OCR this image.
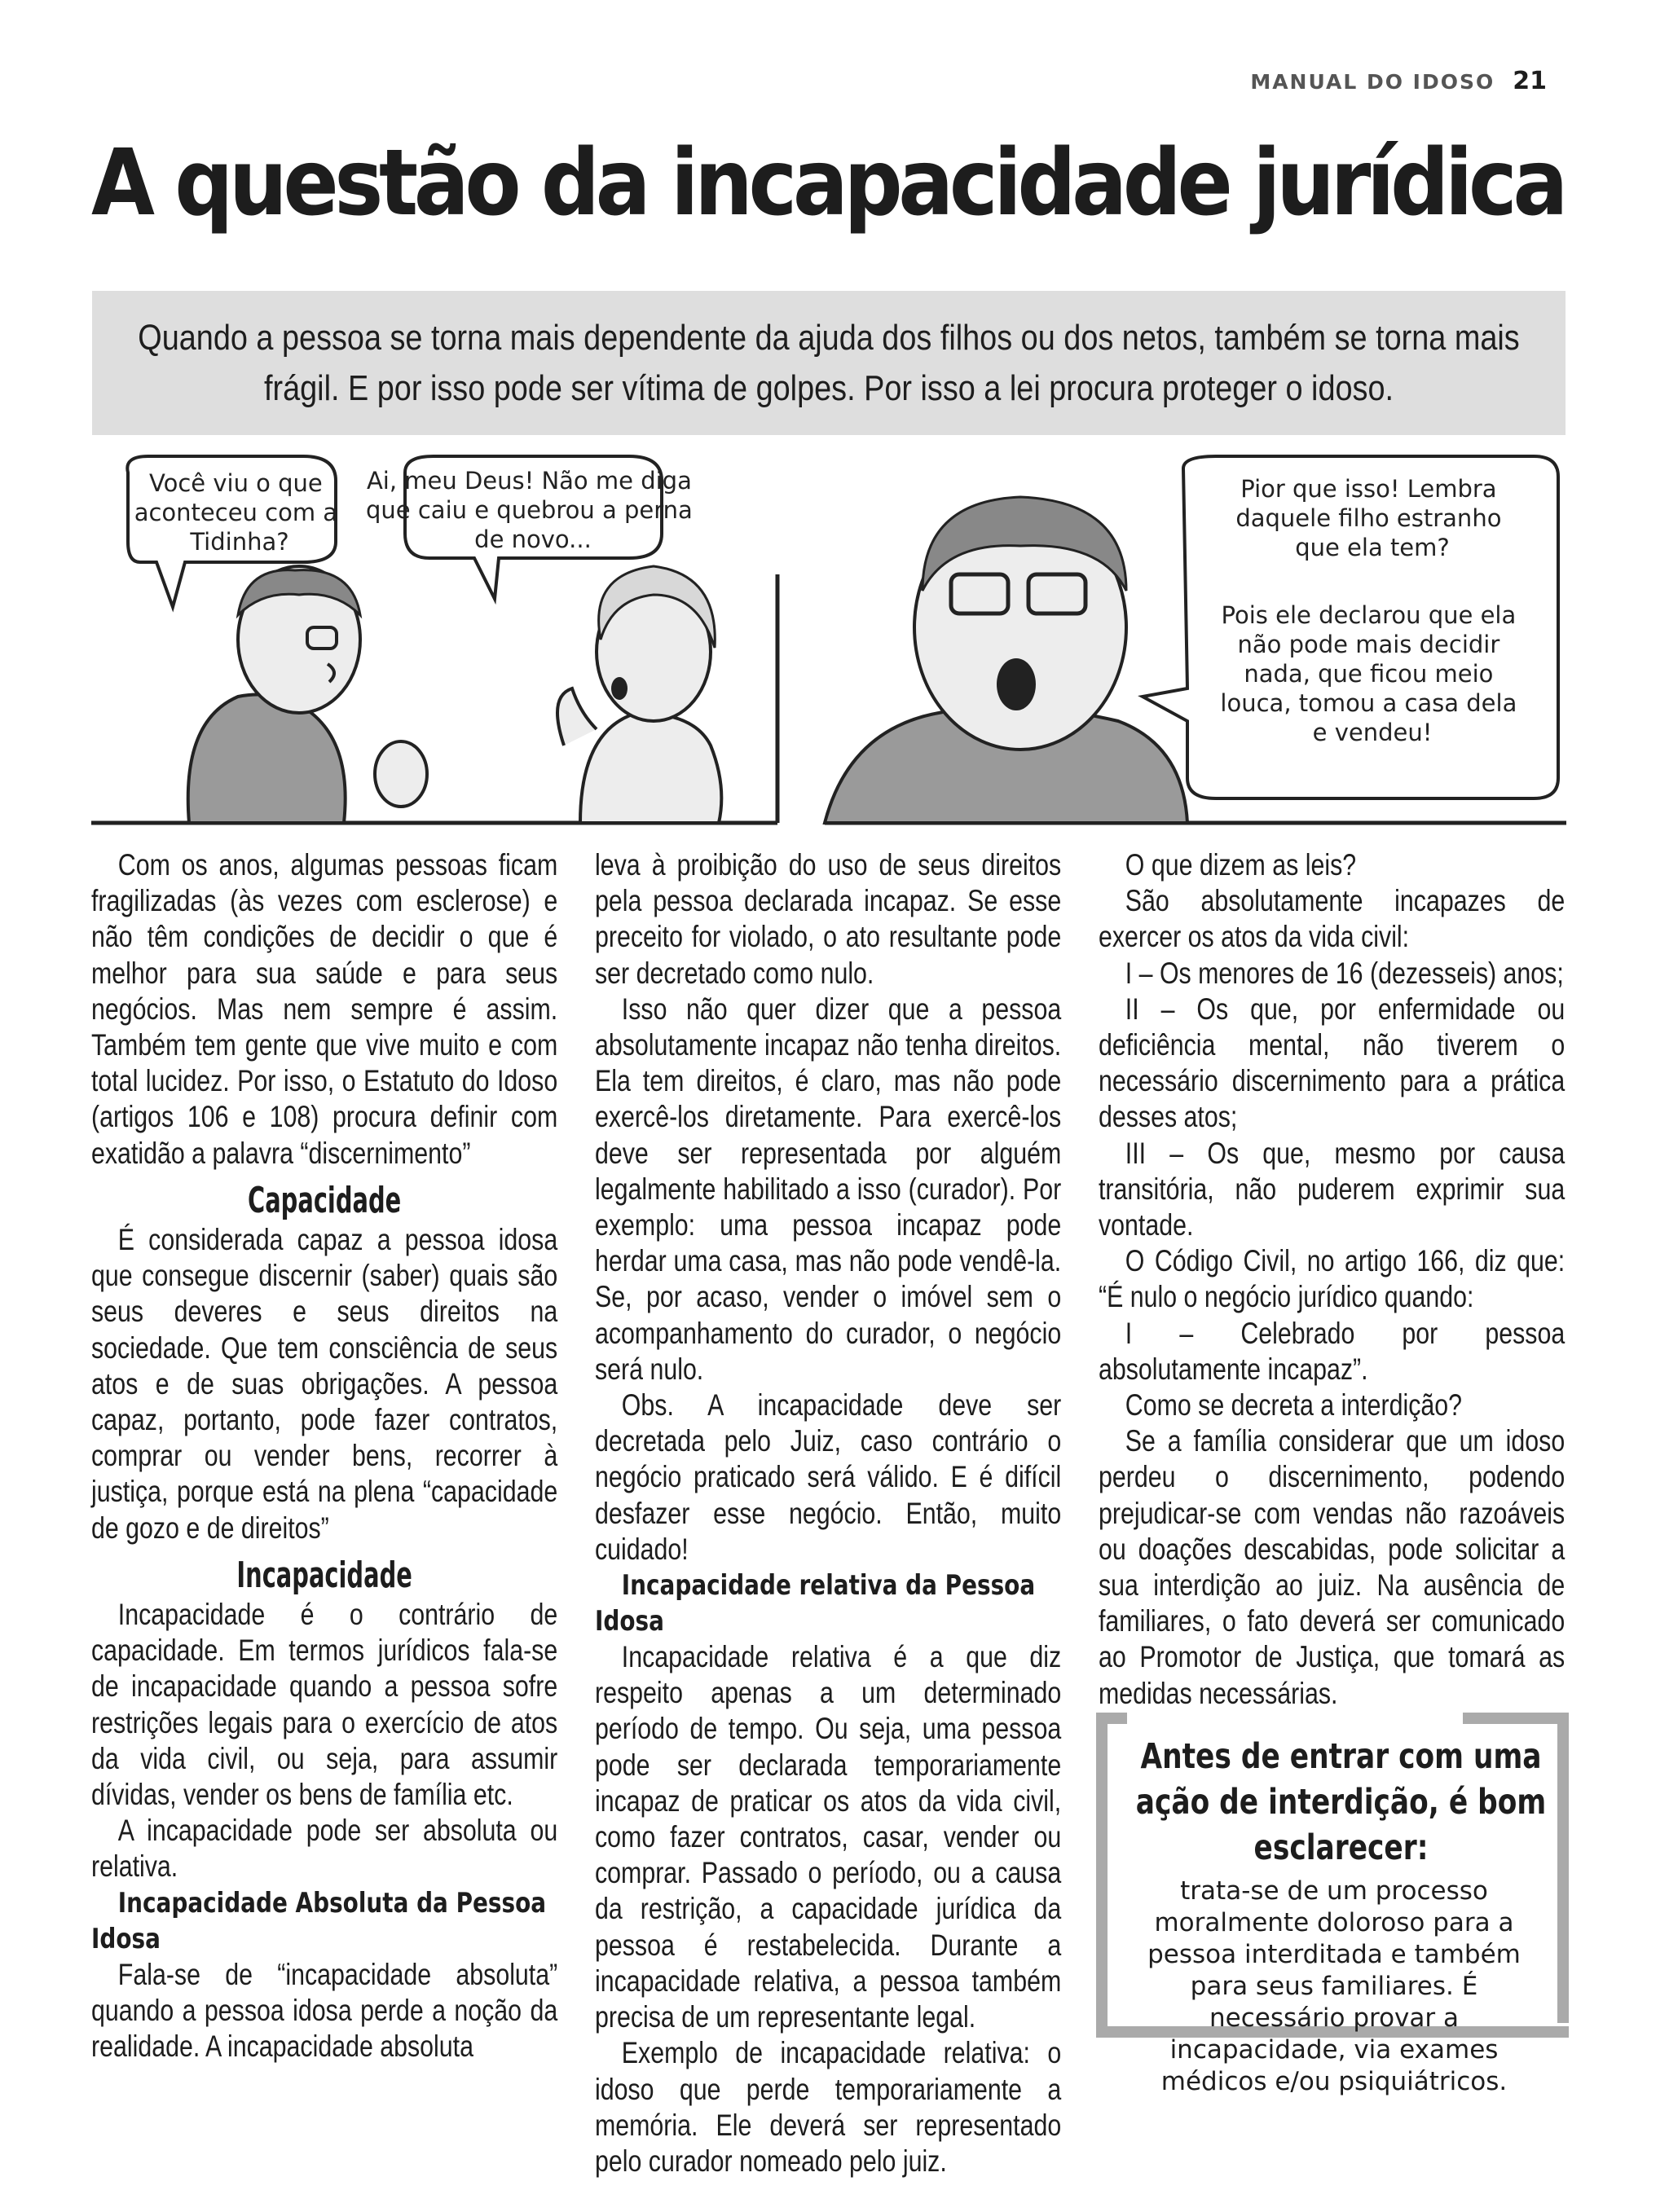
MANUAL DO IDOSO 21
A questão da incapacidade jurídica

Quando a pessoa se torna mais dependente da ajuda dos filhos ou dos netos, também se torna mais frágil. E por isso pode ser vítima de golpes. Por isso a lei procura proteger o idoso.

Você viu o que aconteceu com a Tidinha?
Ai, meu Deus! Não me diga que caiu e quebrou a perna de novo...
Pior que isso! Lembra daquele filho estranho que ela tem?
Pois ele declarou que ela não pode mais decidir nada, que ficou meio louca, tomou a casa dela e vendeu!

Com os anos, algumas pessoas ficam fragilizadas (às vezes com esclerose) e não têm condições de decidir o que é melhor para sua saúde e para seus negócios. Mas nem sempre é assim. Também tem gente que vive muito e com total lucidez. Por isso, o Estatuto do Idoso (artigos 106 e 108) procura definir com exatidão a palavra “discernimento”

Capacidade

É considerada capaz a pessoa idosa que consegue discernir (saber) quais são seus deveres e seus direitos na sociedade. Que tem consciência de seus atos e de suas obrigações. A pessoa capaz, portanto, pode fazer contratos, comprar ou vender bens, recorrer à justiça, porque está na plena “capacidade de gozo e de direitos”

Incapacidade

Incapacidade é o contrário de capacidade. Em termos jurídicos fala-se de incapacidade quando a pessoa sofre restrições legais para o exercício de atos da vida civil, ou seja, para assumir dívidas, vender os bens de família etc.

A incapacidade pode ser absoluta ou relativa.

Incapacidade Absoluta da Pessoa Idosa

Fala-se de “incapacidade absoluta” quando a pessoa idosa perde a noção da realidade. A incapacidade absoluta

leva à proibição do uso de seus direitos pela pessoa declarada incapaz. Se esse preceito for violado, o ato resultante pode ser decretado como nulo.

Isso não quer dizer que a pessoa absolutamente incapaz não tenha direitos. Ela tem direitos, é claro, mas não pode exercê-los diretamente. Para exercê-los deve ser representada por alguém legalmente habilitado a isso (curador). Por exemplo: uma pessoa incapaz pode herdar uma casa, mas não pode vendê-la. Se, por acaso, vender o imóvel sem o acompanhamento do curador, o negócio será nulo.

Obs. A incapacidade deve ser decretada pelo Juiz, caso contrário o negócio praticado será válido. E é difícil desfazer esse negócio. Então, muito cuidado!

Incapacidade relativa da Pessoa Idosa

Incapacidade relativa é a que diz respeito apenas a um determinado período de tempo. Ou seja, uma pessoa pode ser declarada temporariamente incapaz de praticar os atos da vida civil, como fazer contratos, casar, vender ou comprar. Passado o período, ou a causa da restrição, a capacidade jurídica da pessoa é restabelecida. Durante a incapacidade relativa, a pessoa também precisa de um representante legal.

Exemplo de incapacidade relativa: o idoso que perde temporariamente a memória. Ele deverá ser representado pelo curador nomeado pelo juiz.

O que dizem as leis?

São absolutamente incapazes de exercer os atos da vida civil:

I – Os menores de 16 (dezesseis) anos;

II – Os que, por enfermidade ou deficiência mental, não tiverem o necessário discernimento para a prática desses atos;

III – Os que, mesmo por causa transitória, não puderem exprimir sua vontade.

O Código Civil, no artigo 166, diz que: “É nulo o negócio jurídico quando:

I – Celebrado por pessoa absolutamente incapaz”.

Como se decreta a interdição?

Se a família considerar que um idoso perdeu o discernimento, podendo prejudicar-se com vendas não razoáveis ou doações descabidas, pode solicitar a sua interdição ao juiz. Na ausência de familiares, o fato deverá ser comunicado ao Promotor de Justiça, que tomará as medidas necessárias.

Antes de entrar com uma ação de interdição, é bom esclarecer:

trata-se de um processo moralmente doloroso para a pessoa interditada e também para seus familiares. É necessário provar a incapacidade, via exames médicos e/ou psiquiátricos.
